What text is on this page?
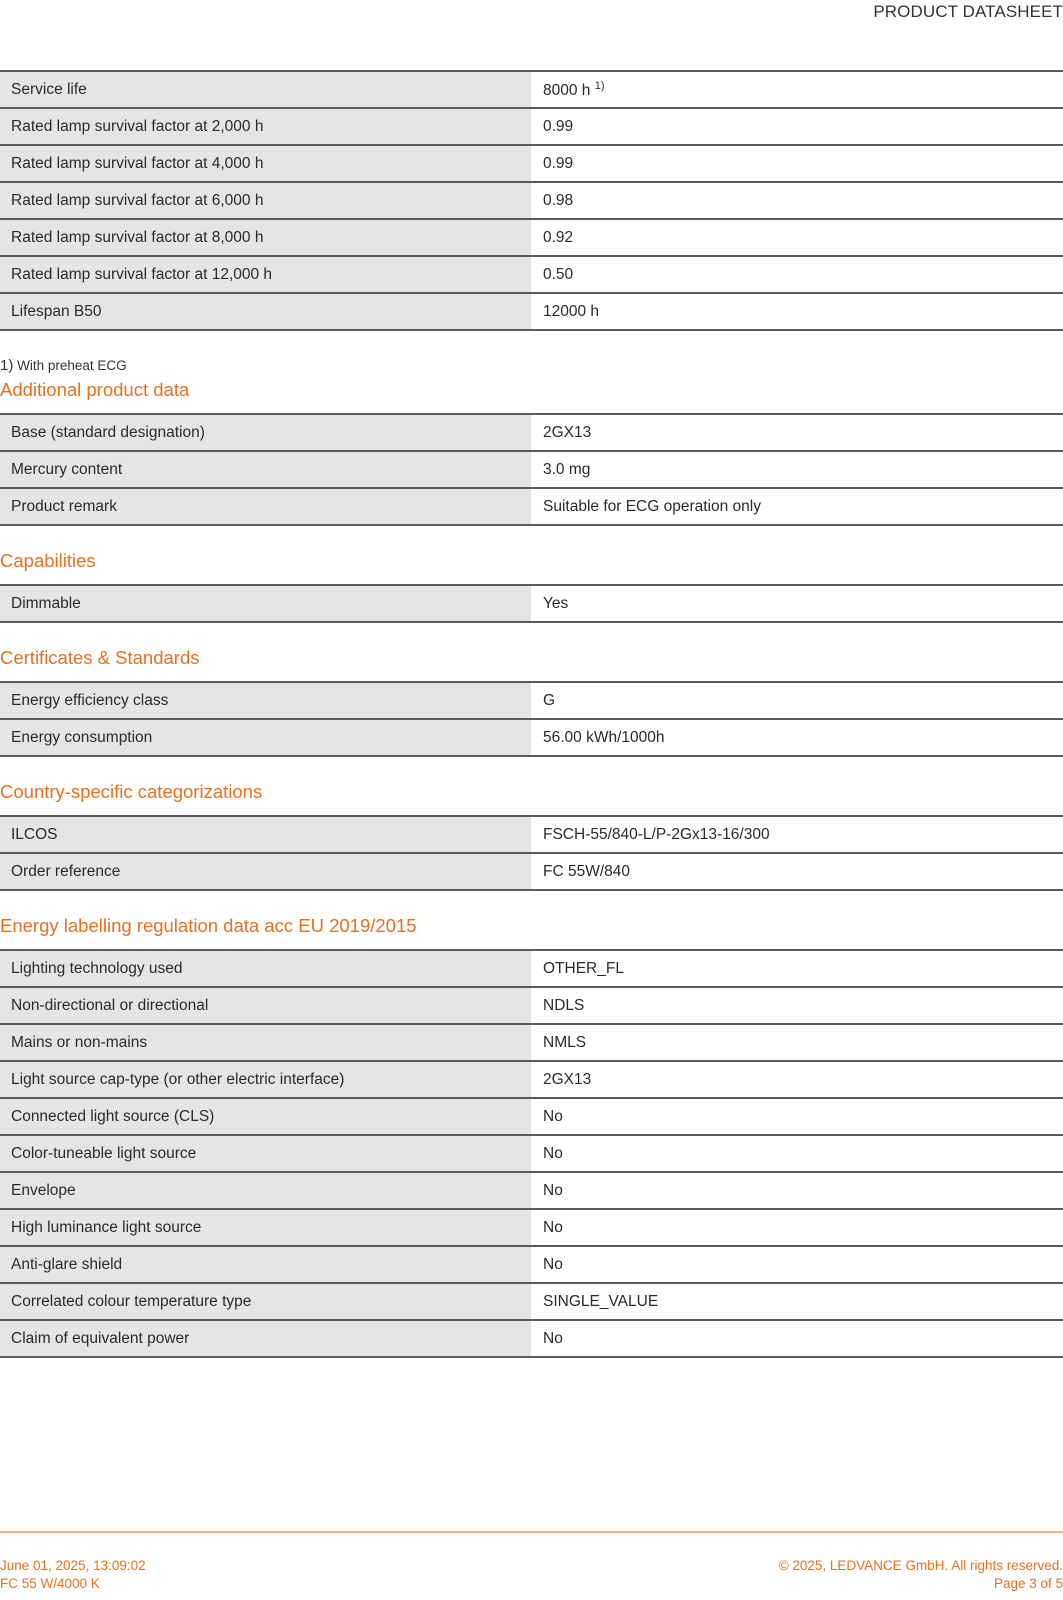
PRODUCT DATASHEET
Service life	8000 h $^{1)}$
Rated lamp survival factor at 2,000 h	0.99
Rated lamp survival factor at 4,000 h	0.99
Rated lamp survival factor at 6,000 h	0.98
Rated lamp survival factor at 8,000 h	0.92
Rated lamp survival factor at 12,000 h	0.50
Lifespan B50	12000 h
1) With preheat ECG
Additional product data
Base (standard designation)	2GX13
Mercury content	3.0 mg
Product remark	Suitable for ECG operation only
Capabilities
Dimmable	Yes
Certificates & Standards
Energy efficiency class	G
Energy consumption	56.00 kWh/1000h
Country-specific categorizations
ILCOS	FSCH-55/840-L/P-2Gx13-16/300
Order reference	FC 55W/840
Energy labelling regulation data acc EU 2019/2015
Lighting technology used	OTHER_FL
Non-directional or directional	NDLS
Mains or non-mains	NMLS
Light source cap-type (or other electric interface)	2GX13
Connected light source (CLS)	No
Color-tuneable light source	No
Envelope	No
High luminance light source	No
Anti-glare shield	No
Correlated colour temperature type	SINGLE_VALUE
Claim of equivalent power	No
June 01, 2025, 13:09:02
FC 55 W/4000 K
© 2025, LEDVANCE GmbH. All rights reserved.
Page 3 of 5
